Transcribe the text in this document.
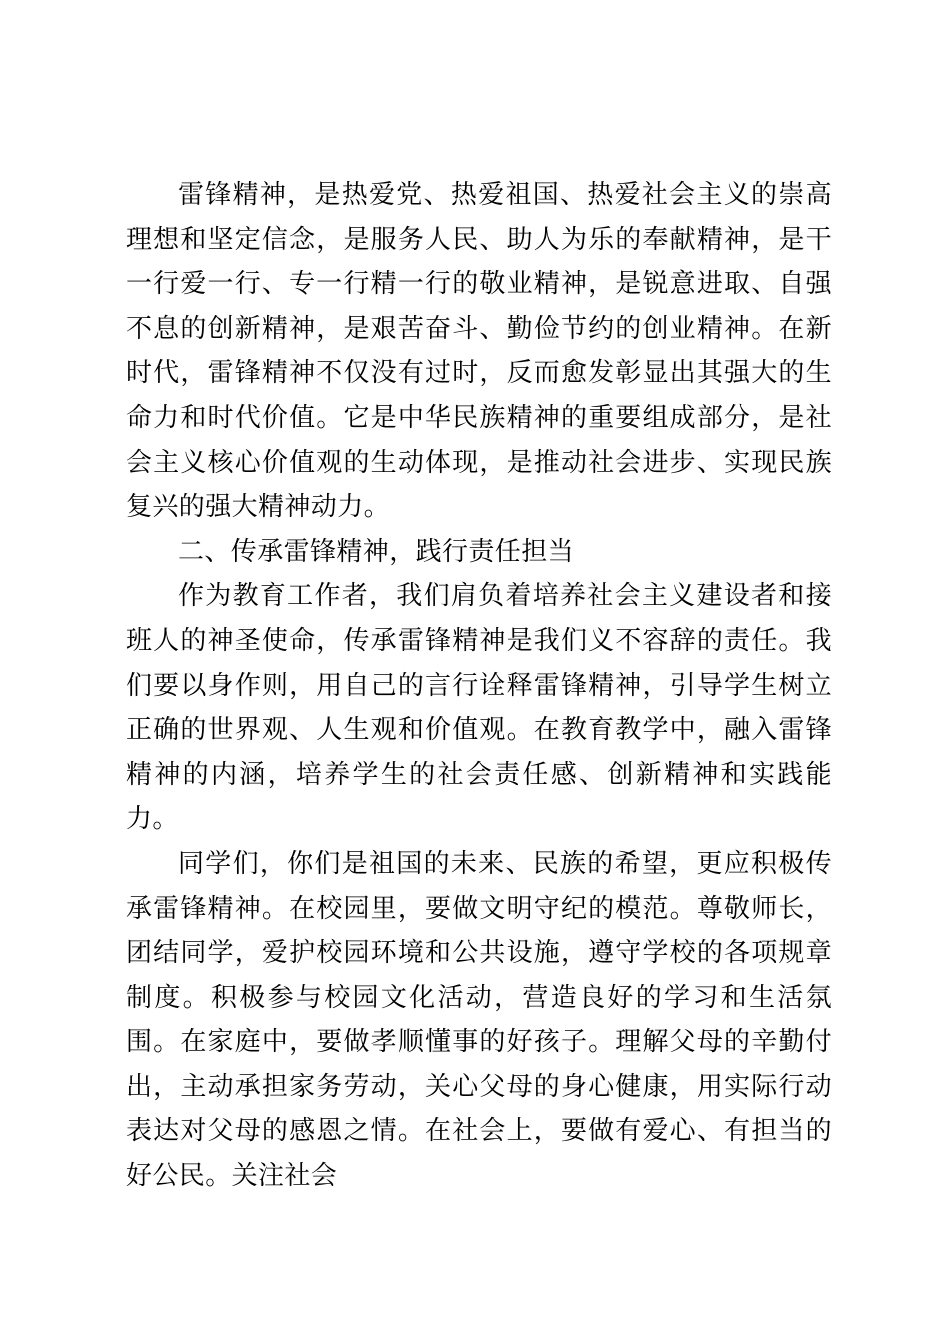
雷锋精神，是热爱党、热爱祖国、热爱社会主义的崇高理想和坚定信念，是服务人民、助人为乐的奉献精神，是干一行爱一行、专一行精一行的敬业精神，是锐意进取、自强不息的创新精神，是艰苦奋斗、勤俭节约的创业精神。在新时代，雷锋精神不仅没有过时，反而愈发彰显出其强大的生命力和时代价值。它是中华民族精神的重要组成部分，是社会主义核心价值观的生动体现，是推动社会进步、实现民族复兴的强大精神动力。

二、传承雷锋精神，践行责任担当

作为教育工作者，我们肩负着培养社会主义建设者和接班人的神圣使命，传承雷锋精神是我们义不容辞的责任。我们要以身作则，用自己的言行诠释雷锋精神，引导学生树立正确的世界观、人生观和价值观。在教育教学中，融入雷锋精神的内涵，培养学生的社会责任感、创新精神和实践能力。

同学们，你们是祖国的未来、民族的希望，更应积极传承雷锋精神。在校园里，要做文明守纪的模范。尊敬师长，团结同学，爱护校园环境和公共设施，遵守学校的各项规章制度。积极参与校园文化活动，营造良好的学习和生活氛围。在家庭中，要做孝顺懂事的好孩子。理解父母的辛勤付出，主动承担家务劳动，关心父母的身心健康，用实际行动表达对父母的感恩之情。在社会上，要做有爱心、有担当的好公民。关注社会
